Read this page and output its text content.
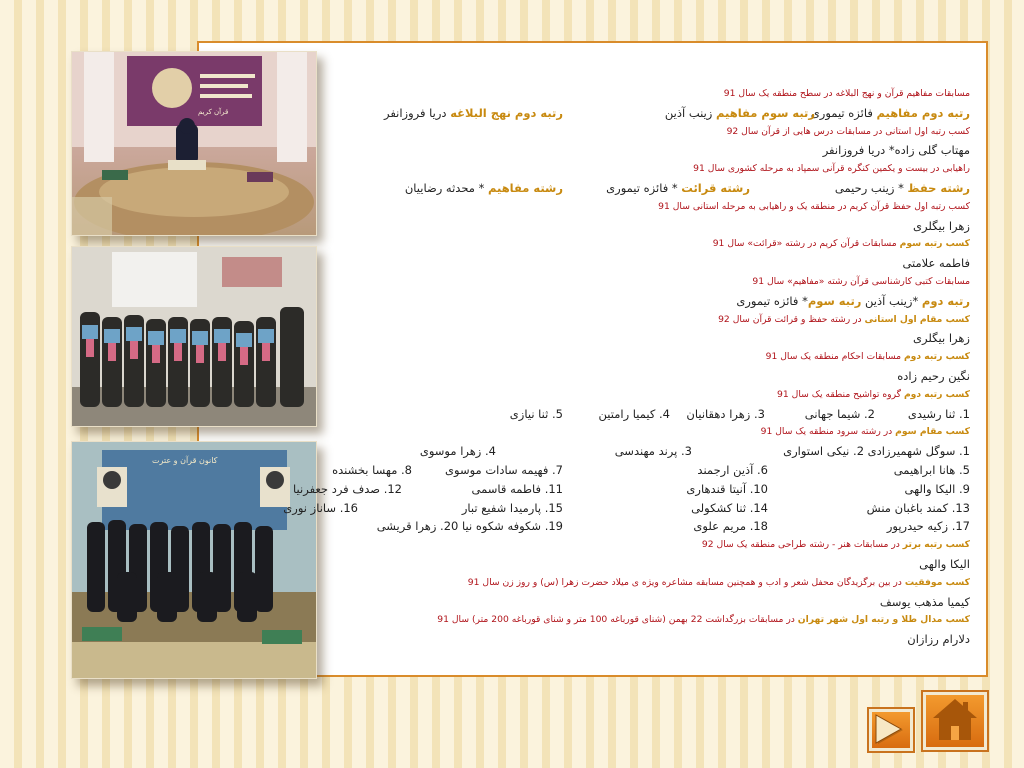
قرآن کریم
کانون قرآن و عترت
مسابقات مفاهیم قرآن و نهج البلاغه در سطح منطقه یک سال 91
رتبه دوم مفاهیم فائزه تیموری
رتبه سوم مفاهیم زینب آذین
رتبه دوم نهج البلاغه دریا فروزانفر
کسب رتبه اول استانی در مسابقات درس هایی از قرآن سال 92
مهتاب گلی زاده* دریا فروزانفر
راهیابی در بیست و یکمین کنگره قرآنی سمپاد به مرحله کشوری سال 91
رشته حفظ * زینب رحیمی
رشته قرائت * فائزه تیموری
رشته مفاهیم * محدثه رضاییان
کسب رتبه اول حفظ قرآن کریم در منطقه یک و راهیابی به مرحله استانی سال 91
زهرا بیگلری
کسب رتبه سوم مسابقات قرآن کریم در رشته «قرائت» سال 91
فاطمه علامتی
مسابقات کتبی کارشناسی قرآن رشته «مفاهیم» سال 91
رتبه دوم *زینب آذین رتبه سوم* فائزه تیموری
کسب مقام اول استانی در رشته حفظ و قرائت قرآن سال 92
زهرا بیگلری
کسب رتبه دوم مسابقات احکام منطقه یک سال 91
نگین رحیم زاده
کسب رتبه دوم گروه تواشیح منطقه یک سال 91
1. ثنا رشیدی
2. شیما جهانی
3. زهرا دهقانیان
4. کیمیا رامتین
5. ثنا نیازی
کسب مقام سوم در رشته سرود منطقه یک سال 91
1. سوگل شهمیرزادی 2. نیکی استواری
3. پرند مهندسی
4. زهرا موسوی
5. هانا ابراهیمی
6. آذین ارجمند
7. فهیمه سادات موسوی
8. مهسا بخشنده
9. الیکا والهی
10. آنیتا قندهاری
11. فاطمه قاسمی
12. صدف فرد جعفرنیا
13. کمند باغبان منش
14. ثنا کشکولی
15. پارمیدا شفیع تبار
16. ساناز نوری
17. زکیه حیدرپور
18. مریم علوی
19. شکوفه شکوه نیا 20. زهرا قریشی
کسب رتبه برتر در مسابقات هنر - رشته طراحی منطقه یک سال 92
الیکا والهی
کسب موفقیت در بین برگزیدگان محفل شعر و ادب و همچنین مسابقه مشاعره ویژه ی میلاد حضرت زهرا (س) و روز زن سال 91
کیمیا مذهب یوسف
کسب مدال طلا و رتبه اول شهر تهران در مسابقات بزرگداشت 22 بهمن (شنای قورباغه 100 متر و شنای قورباغه 200 متر) سال 91
دلارام رزازان
